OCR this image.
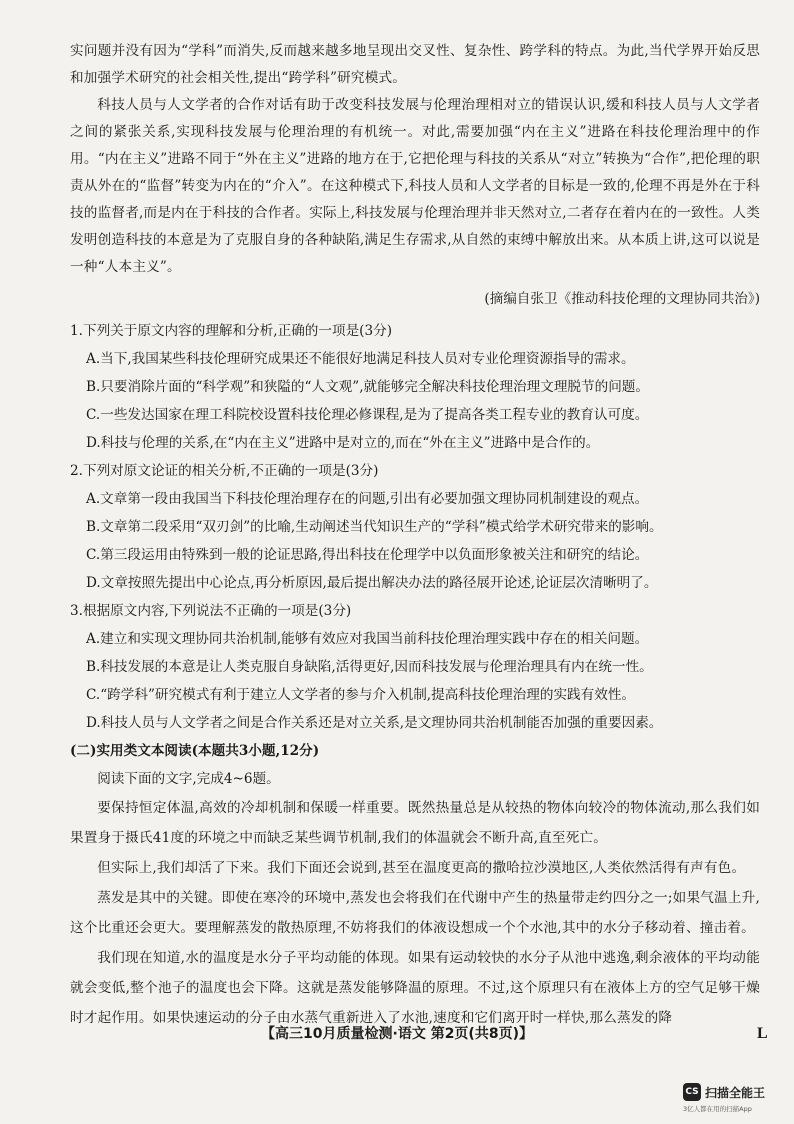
实问题并没有因为“学科”而消失,反而越来越多地呈现出交叉性、复杂性、跨学科的特点。为此,当代学界开始反思和加强学术研究的社会相关性,提出“跨学科”研究模式。

科技人员与人文学者的合作对话有助于改变科技发展与伦理治理相对立的错误认识,缓和科技人员与人文学者之间的紧张关系,实现科技发展与伦理治理的有机统一。对此,需要加强“内在主义”进路在科技伦理治理中的作用。“内在主义”进路不同于“外在主义”进路的地方在于,它把伦理与科技的关系从“对立”转换为“合作”,把伦理的职责从外在的“监督”转变为内在的“介入”。在这种模式下,科技人员和人文学者的目标是一致的,伦理不再是外在于科技的监督者,而是内在于科技的合作者。实际上,科技发展与伦理治理并非天然对立,二者存在着内在的一致性。人类发明创造科技的本意是为了克服自身的各种缺陷,满足生存需求,从自然的束缚中解放出来。从本质上讲,这可以说是一种“人本主义”。

(摘编自张卫《推动科技伦理的文理协同共治》)

1.下列关于原文内容的理解和分析,正确的一项是(3分)

A.当下,我国某些科技伦理研究成果还不能很好地满足科技人员对专业伦理资源指导的需求。

B.只要消除片面的“科学观”和狭隘的“人文观”,就能够完全解决科技伦理治理文理脱节的问题。

C.一些发达国家在理工科院校设置科技伦理必修课程,是为了提高各类工程专业的教育认可度。

D.科技与伦理的关系,在“内在主义”进路中是对立的,而在“外在主义”进路中是合作的。

2.下列对原文论证的相关分析,不正确的一项是(3分)

A.文章第一段由我国当下科技伦理治理存在的问题,引出有必要加强文理协同机制建设的观点。

B.文章第二段采用“双刃剑”的比喻,生动阐述当代知识生产的“学科”模式给学术研究带来的影响。

C.第三段运用由特殊到一般的论证思路,得出科技在伦理学中以负面形象被关注和研究的结论。

D.文章按照先提出中心论点,再分析原因,最后提出解决办法的路径展开论述,论证层次清晰明了。

3.根据原文内容,下列说法不正确的一项是(3分)

A.建立和实现文理协同共治机制,能够有效应对我国当前科技伦理治理实践中存在的相关问题。

B.科技发展的本意是让人类克服自身缺陷,活得更好,因而科技发展与伦理治理具有内在统一性。

C.“跨学科”研究模式有利于建立人文学者的参与介入机制,提高科技伦理治理的实践有效性。

D.科技人员与人文学者之间是合作关系还是对立关系,是文理协同共治机制能否加强的重要因素。

(二)实用类文本阅读(本题共3小题,12分)

阅读下面的文字,完成4~6题。

要保持恒定体温,高效的冷却机制和保暖一样重要。既然热量总是从较热的物体向较冷的物体流动,那么我们如果置身于摄氏41度的环境之中而缺乏某些调节机制,我们的体温就会不断升高,直至死亡。

但实际上,我们却活了下来。我们下面还会说到,甚至在温度更高的撒哈拉沙漠地区,人类依然活得有声有色。

蒸发是其中的关键。即使在寒冷的环境中,蒸发也会将我们在代谢中产生的热量带走约四分之一;如果气温上升,这个比重还会更大。要理解蒸发的散热原理,不妨将我们的体液设想成一个个水池,其中的水分子移动着、撞击着。

我们现在知道,水的温度是水分子平均动能的体现。如果有运动较快的水分子从池中逃逸,剩余液体的平均动能就会变低,整个池子的温度也会下降。这就是蒸发能够降温的原理。不过,这个原理只有在液体上方的空气足够干燥时才起作用。如果快速运动的分子由水蒸气重新进入了水池,速度和它们离开时一样快,那么蒸发的降

【高三10月质量检测·语文 第2页(共8页)】	L
CS 扫描全能王
3亿人都在用的扫描App
